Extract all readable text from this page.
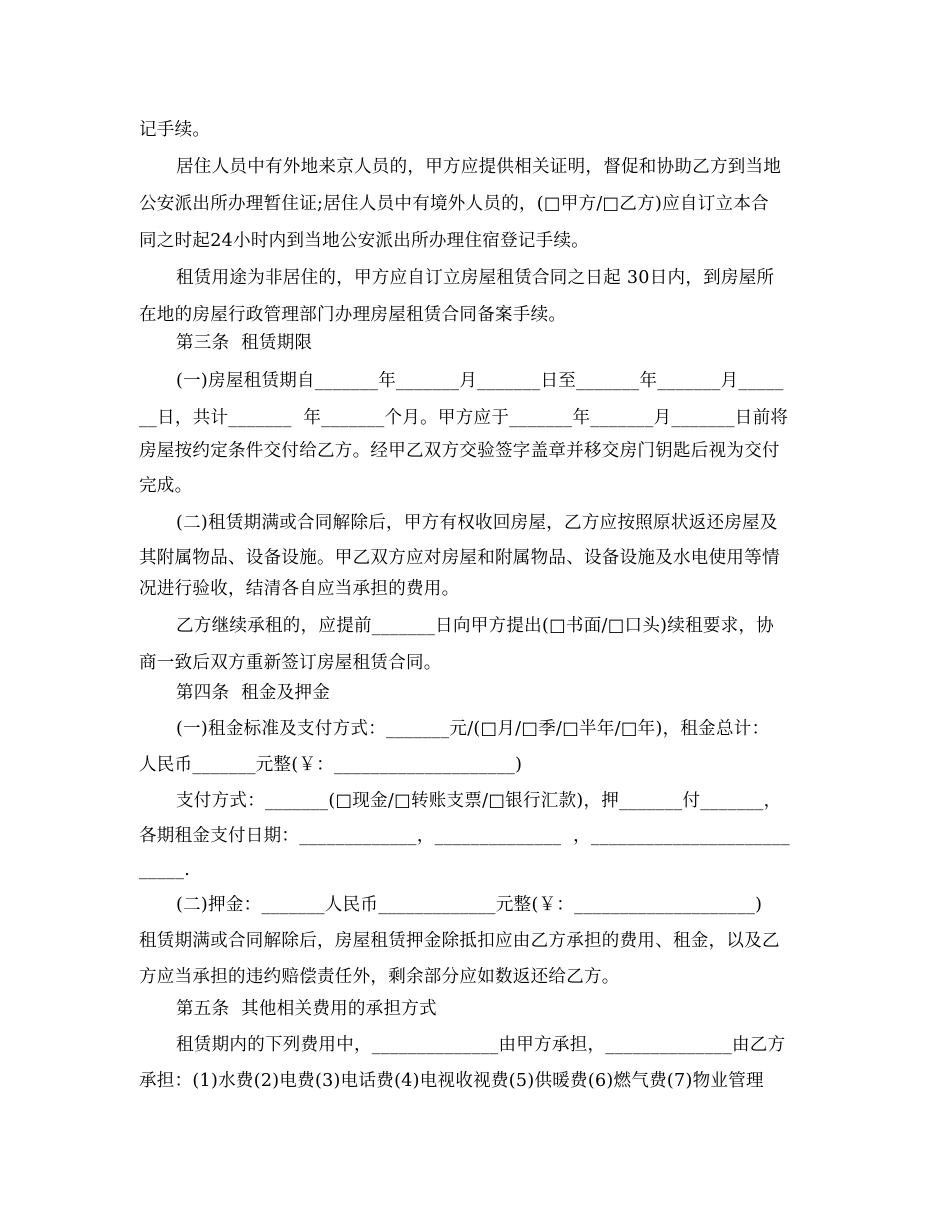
记手续。
居住人员中有外地来京人员的，甲方应提供相关证明，督促和协助乙方到当地
公安派出所办理暂住证;居住人员中有境外人员的，(□甲方/□乙方)应自订立本合
同之时起24小时内到当地公安派出所办理住宿登记手续。
租赁用途为非居住的，甲方应自订立房屋租赁合同之日起 30日内，到房屋所
在地的房屋行政管理部门办理房屋租赁合同备案手续。
第三条  租赁期限
(一)房屋租赁期自_______年_______月_______日至_______年_______月_____
__日，共计_______  年_______个月。甲方应于_______年_______月_______日前将
房屋按约定条件交付给乙方。经甲乙双方交验签字盖章并移交房门钥匙后视为交付
完成。
(二)租赁期满或合同解除后，甲方有权收回房屋，乙方应按照原状返还房屋及
其附属物品、设备设施。甲乙双方应对房屋和附属物品、设备设施及水电使用等情
况进行验收，结清各自应当承担的费用。
乙方继续承租的，应提前_______日向甲方提出(□书面/□口头)续租要求，协
商一致后双方重新签订房屋租赁合同。
第四条  租金及押金
(一)租金标准及支付方式：_______元/(□月/□季/□半年/□年)，租金总计：
人民币_______元整(￥：____________________)
支付方式：_______(□现金/□转账支票/□银行汇款)，押_______付_______，
各期租金支付日期：_____________，______________  ，______________________
_____.
(二)押金：_______人民币_____________元整(￥：____________________)
租赁期满或合同解除后，房屋租赁押金除抵扣应由乙方承担的费用、租金，以及乙
方应当承担的违约赔偿责任外，剩余部分应如数返还给乙方。
第五条  其他相关费用的承担方式
租赁期内的下列费用中，______________由甲方承担，______________由乙方
承担：(1)水费(2)电费(3)电话费(4)电视收视费(5)供暖费(6)燃气费(7)物业管理
